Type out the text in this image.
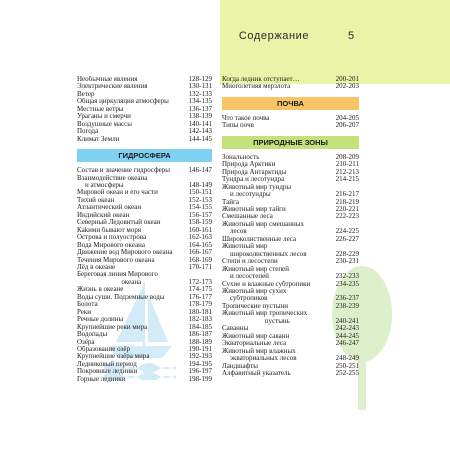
Содержание	5
Необычные явления	128-129
Электрические явления	130-131
Ветер	132-133
Общая циркуляция атмосферы	134-135
Местные ветры	136-137
Ураганы и смерчи	138-139
Воздушные массы	140-141
Погода	142-143
Климат Земли	144-145
ГИДРОСФЕРА
Состав и значение гидросферы	146-147
Взаимодействие океана
и атмосферы	148-149
Мировой океан и его части	150-151
Тихий океан	152-153
Атлантический океан	154-155
Индийский океан	156-157
Северный Ледовитый океан	158-159
Каkими бывают моря	160-161
Острова и полуострова	162-163
Вода Мирового океана	164-165
Движение вод Мирового океана	166-167
Течения Мирового океана	168-169
Лёд в океане	170-171
Береговая линия Мирового
океана	172-173
Жизнь в океане	174-175
Воды суши. Подземные воды	176-177
Болота	178-179
Реки	180-181
Речные долины	182-183
Крупнейшие реки мира	184-185
Водопады	186-187
Озёра	188-189
Образование озёр	190-191
Крупнейшие озёра мира	192-193
Ледниковый период	194-195
Покровные ледники	196-197
Горные ледники	198-199
Когда ледник отступает…	200-201
Многолетняя мерзлота	202-203
ПОЧВА
Что такое почва	204-205
Типы почв	206-207
ПРИРОДНЫЕ ЗОНЫ
Зональность	208-209
Природа Арктики	210-211
Природа Антарктиды	212-213
Тундра и лесотундра	214-215
Животный мир тундры
и лесотундры	216-217
Тайга	218-219
Животный мир тайги	220-221
Смешанные леса	222-223
Животный мир смешанных
лесов	224-225
Широколиственные леса	226-227
Животный мир
широколиственных лесов	228-229
Степи и лесостепи	230-231
Животный мир степей
и лесостепей	232-233
Сухие и влажные субтропики	234-235
Животный мир сухих
субтропиков	236-237
Тропические пустыни	238-239
Животный мир тропических
пустынь	240-241
Саванны	242-243
Животный мир саванн	244-245
Экваториальные леса	246-247
Животный мир влажных
экваториальных лесов	248-249
Ландшафты	250-251
Алфавитный указатель	252-255
